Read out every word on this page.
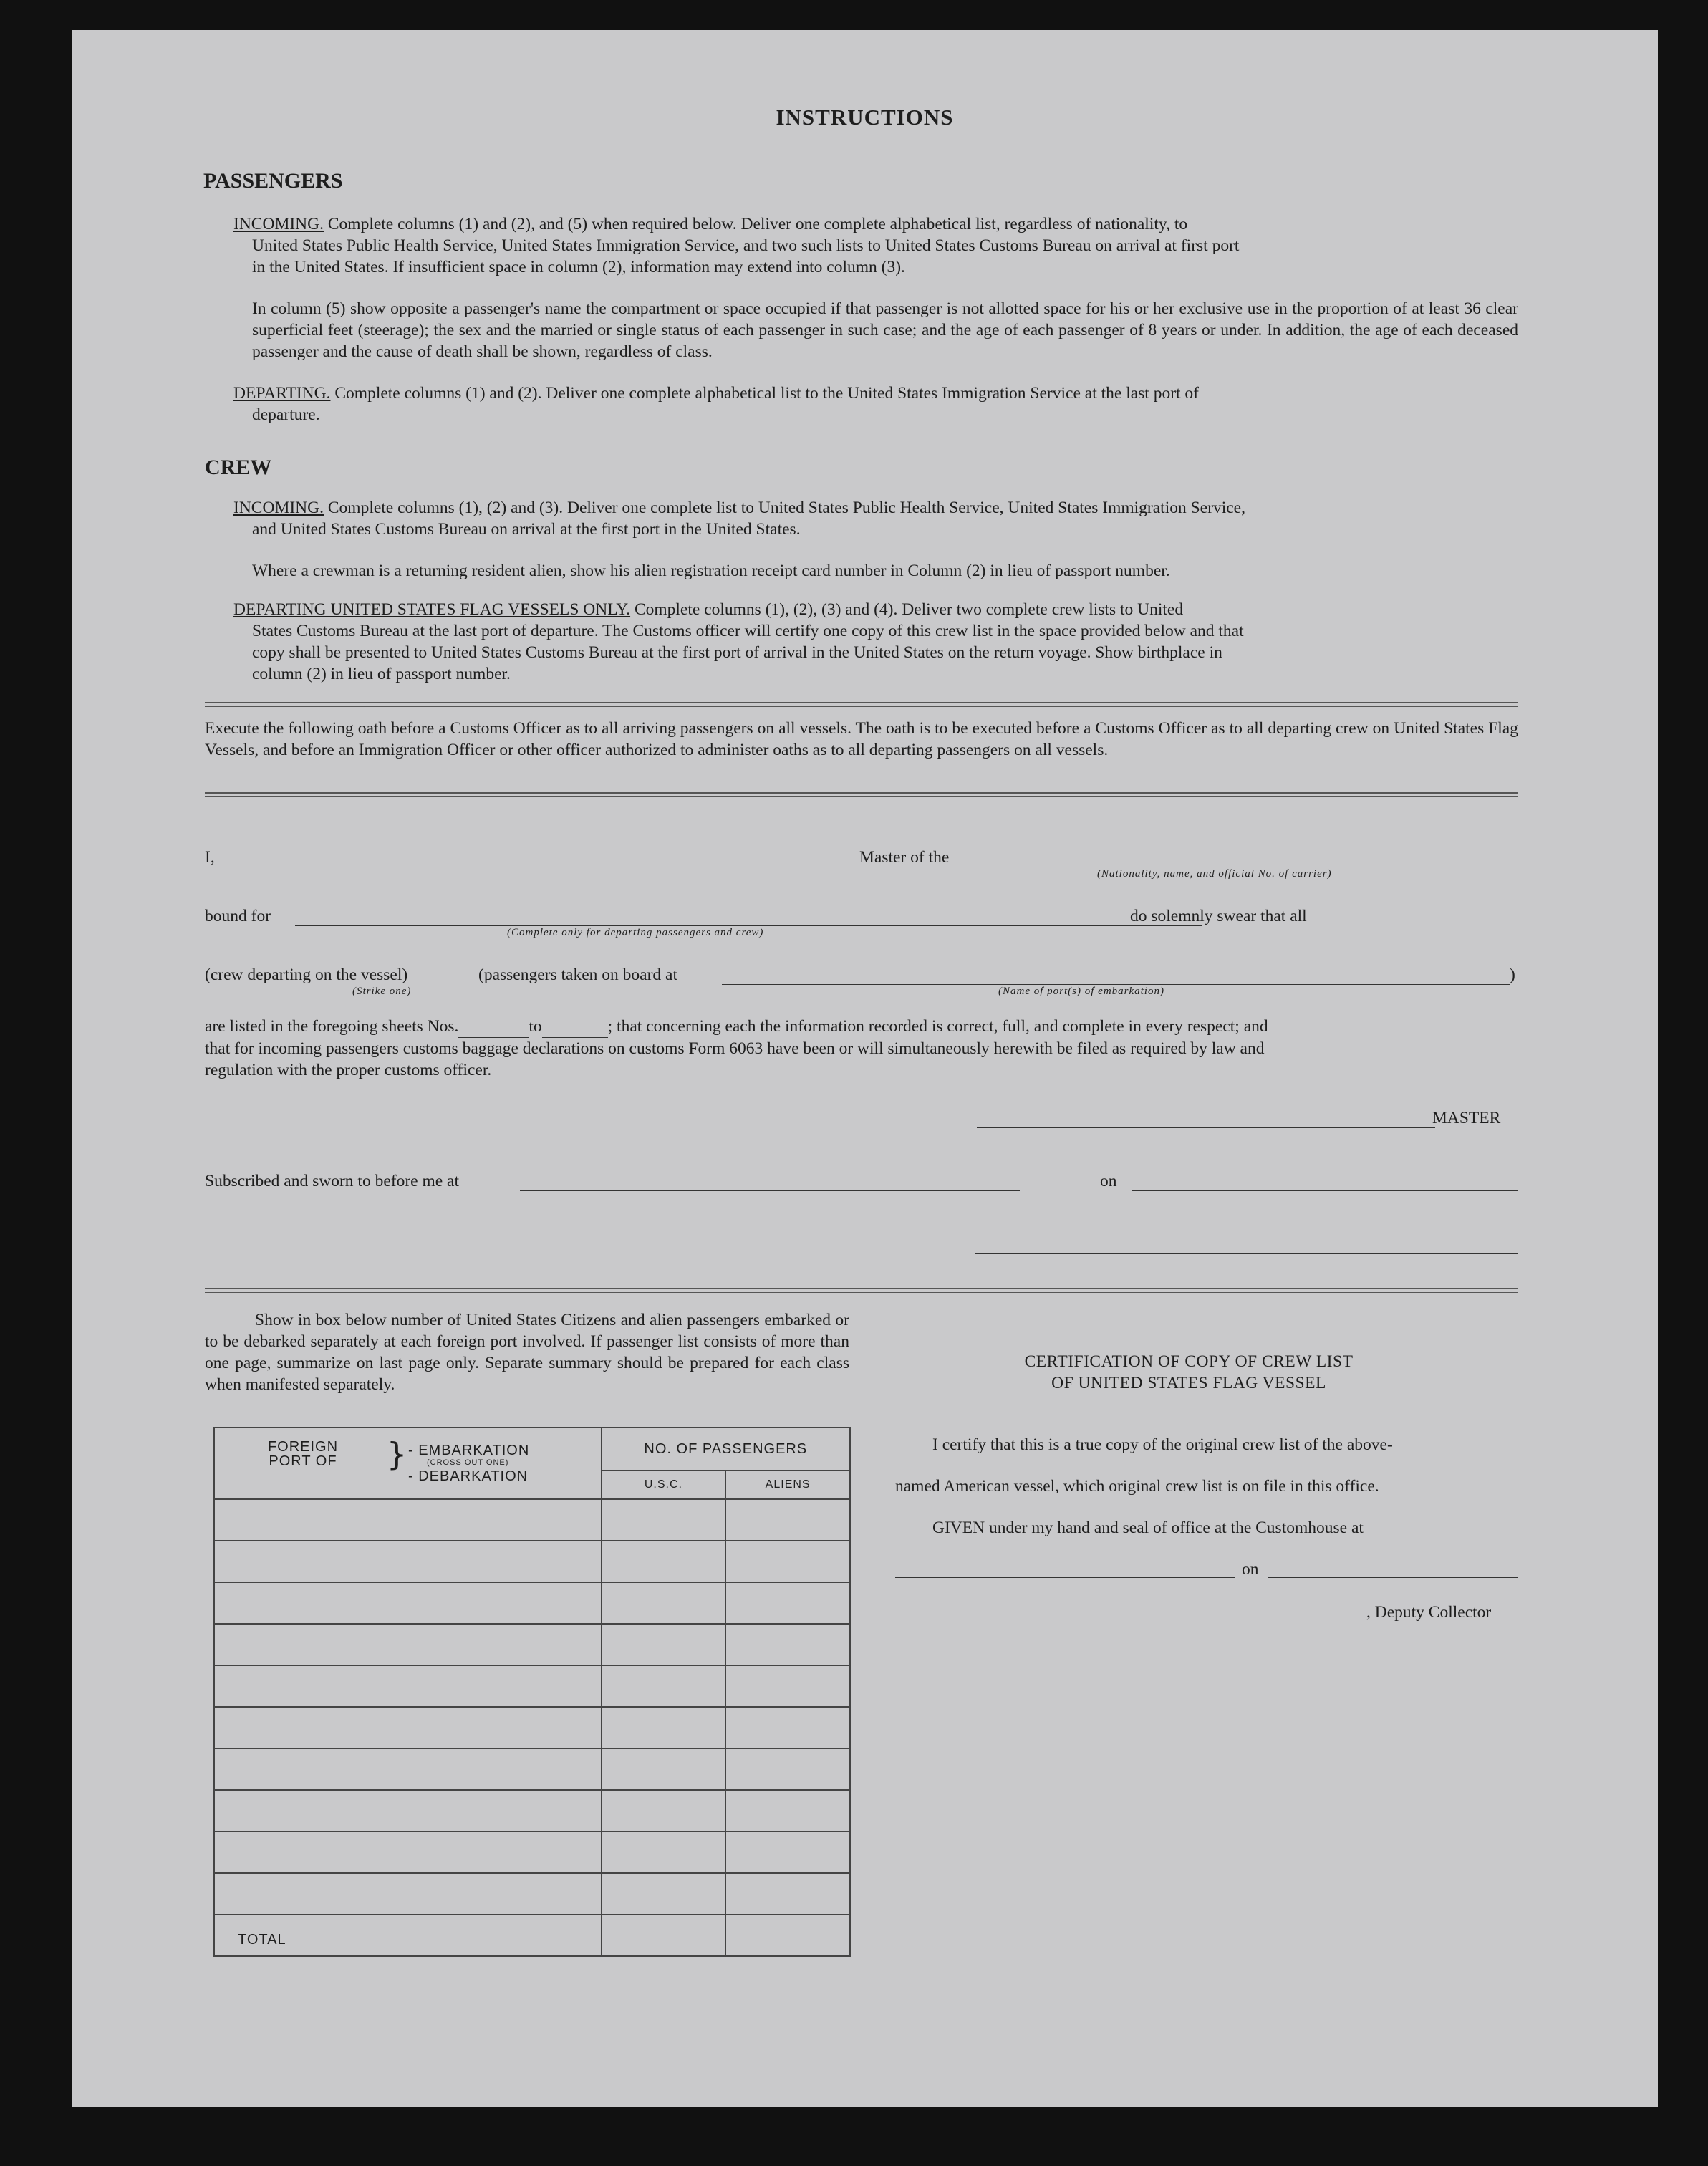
INSTRUCTIONS
PASSENGERS
INCOMING. Complete columns (1) and (2), and (5) when required below. Deliver one complete alphabetical list, regardless of nationality, to
United States Public Health Service, United States Immigration Service, and two such lists to United States Customs Bureau on arrival at first port
in the United States. If insufficient space in column (2), information may extend into column (3).
In column (5) show opposite a passenger's name the compartment or space occupied if that passenger is not allotted space for his or her exclusive use in the proportion of at least 36 clear superficial feet (steerage); the sex and the married or single status of each passenger in such case; and the age of each passenger of 8 years or under. In addition, the age of each deceased passenger and the cause of death shall be shown, regardless of class.
DEPARTING. Complete columns (1) and (2). Deliver one complete alphabetical list to the United States Immigration Service at the last port of
departure.
CREW
INCOMING. Complete columns (1), (2) and (3). Deliver one complete list to United States Public Health Service, United States Immigration Service,
and United States Customs Bureau on arrival at the first port in the United States.
Where a crewman is a returning resident alien, show his alien registration receipt card number in Column (2) in lieu of passport number.
DEPARTING UNITED STATES FLAG VESSELS ONLY. Complete columns (1), (2), (3) and (4). Deliver two complete crew lists to United
States Customs Bureau at the last port of departure. The Customs officer will certify one copy of this crew list in the space provided below and that
copy shall be presented to United States Customs Bureau at the first port of arrival in the United States on the return voyage. Show birthplace in
column (2) in lieu of passport number.
Execute the following oath before a Customs Officer as to all arriving passengers on all vessels. The oath is to be executed before a Customs Officer as to all departing crew on United States Flag Vessels, and before an Immigration Officer or other officer authorized to administer oaths as to all departing passengers on all vessels.
I,	Master of the
(Nationality, name, and official No. of carrier)
bound for
(Complete only for departing passengers and crew)
do solemnly swear that all
(crew departing on the vessel)	(passengers taken on board at	)
(Strike one)	(Name of port(s) of embarkation)
are listed in the foregoing sheets Nos.	to	; that concerning each the information recorded is correct, full, and complete in every respect; and
that for incoming passengers customs baggage declarations on customs Form 6063 have been or will simultaneously herewith be filed as required by law and
regulation with the proper customs officer.
MASTER
Subscribed and sworn to before me at	on
Show in box below number of United States Citizens and alien passengers embarked or to be debarked separately at each foreign port involved. If passenger list consists of more than one page, summarize on last page only. Separate summary should be prepared for each class when manifested separately.
FOREIGN PORT OF } - EMBARKATION
(CROSS OUT ONE)
- DEBARKATION	NO. OF PASSENGERS	
	U.S.C.	ALIENS

TOTAL		
CERTIFICATION OF COPY OF CREW LIST
OF UNITED STATES FLAG VESSEL
I certify that this is a true copy of the original crew list of the above-
named American vessel, which original crew list is on file in this office.
GIVEN under my hand and seal of office at the Customhouse at
on
, Deputy Collector
